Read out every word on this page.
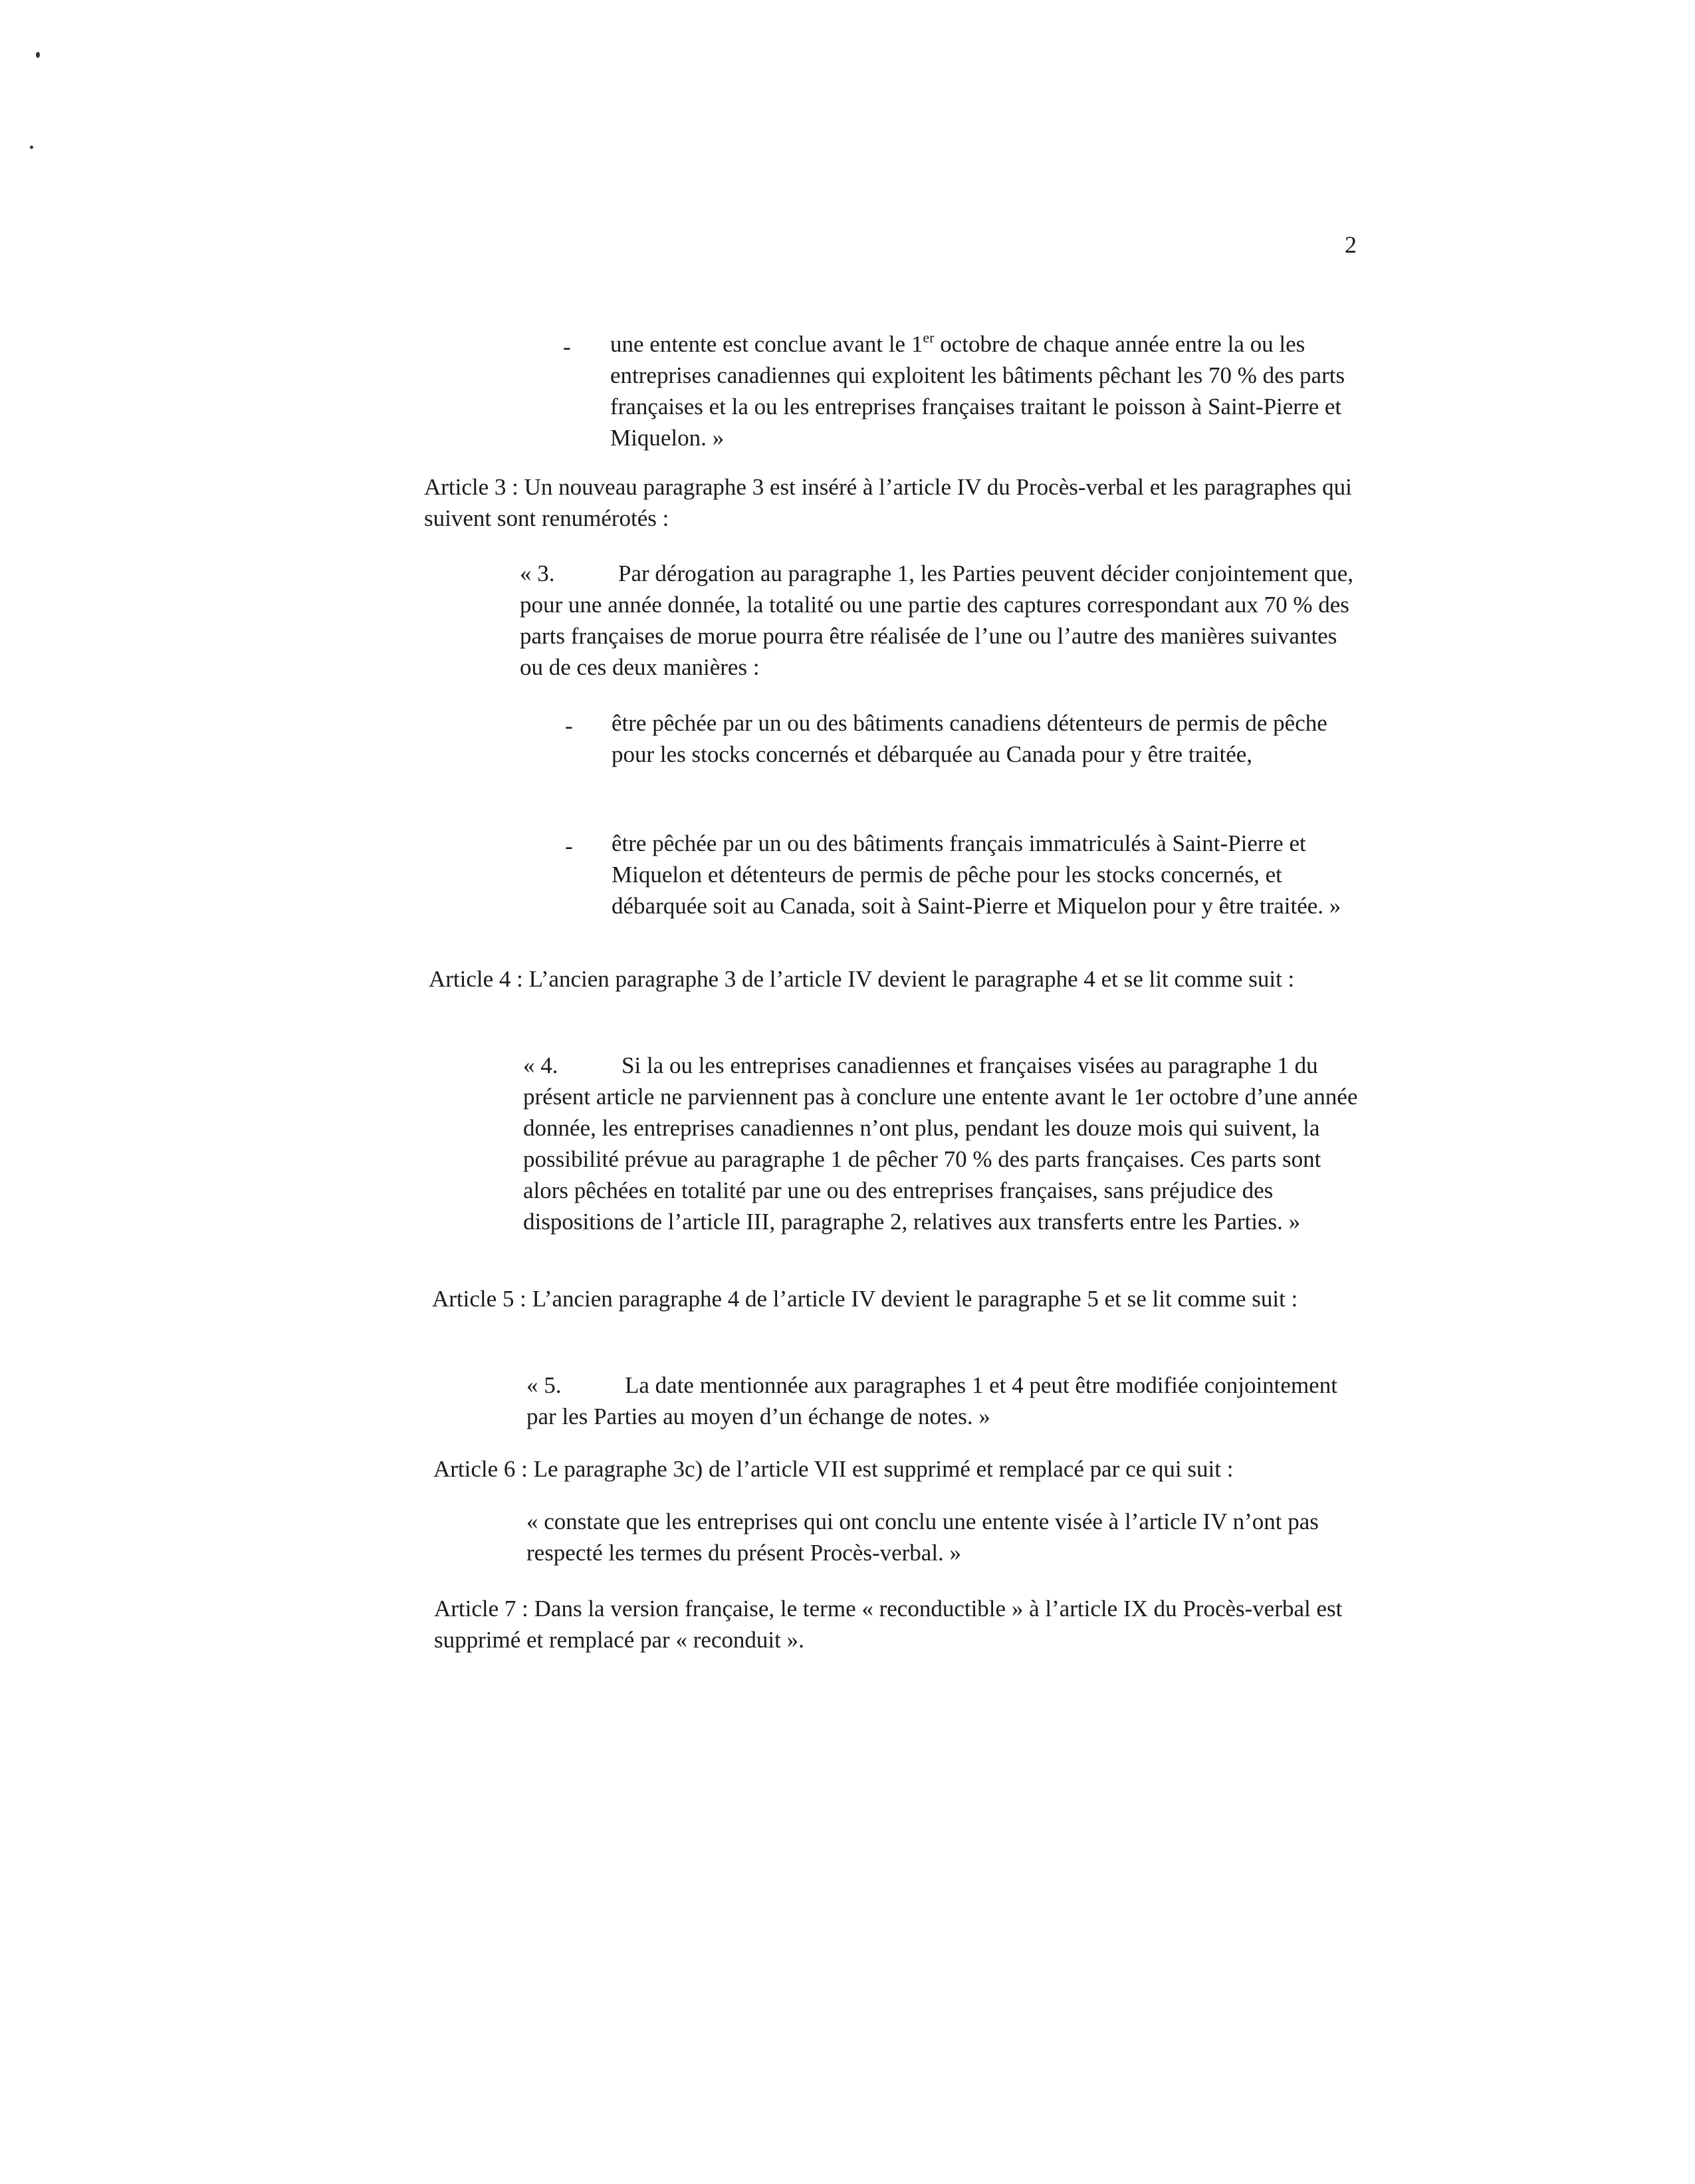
2
- une entente est conclue avant le 1er octobre de chaque année entre la ou les entreprises canadiennes qui exploitent les bâtiments pêchant les 70 % des parts françaises et la ou les entreprises françaises traitant le poisson à Saint-Pierre et Miquelon. »

Article 3 : Un nouveau paragraphe 3 est inséré à l’article IV du Procès-verbal et les paragraphes qui suivent sont renumérotés :

« 3.	Par dérogation au paragraphe 1, les Parties peuvent décider conjointement que, pour une année donnée, la totalité ou une partie des captures correspondant aux 70 % des parts françaises de morue pourra être réalisée de l’une ou l’autre des manières suivantes ou de ces deux manières :

- être pêchée par un ou des bâtiments canadiens détenteurs de permis de pêche pour les stocks concernés et débarquée au Canada pour y être traitée,

- être pêchée par un ou des bâtiments français immatriculés à Saint-Pierre et Miquelon et détenteurs de permis de pêche pour les stocks concernés, et débarquée soit au Canada, soit à Saint-Pierre et Miquelon pour y être traitée. »

Article 4 : L’ancien paragraphe 3 de l’article IV devient le paragraphe 4 et se lit comme suit :

« 4.	Si la ou les entreprises canadiennes et françaises visées au paragraphe 1 du présent article ne parviennent pas à conclure une entente avant le 1er octobre d’une année donnée, les entreprises canadiennes n’ont plus, pendant les douze mois qui suivent, la possibilité prévue au paragraphe 1 de pêcher 70 % des parts françaises. Ces parts sont alors pêchées en totalité par une ou des entreprises françaises, sans préjudice des dispositions de l’article III, paragraphe 2, relatives aux transferts entre les Parties. »

Article 5 : L’ancien paragraphe 4 de l’article IV devient le paragraphe 5 et se lit comme suit :

« 5.	La date mentionnée aux paragraphes 1 et 4 peut être modifiée conjointement par les Parties au moyen d’un échange de notes. »

Article 6 : Le paragraphe 3c) de l’article VII est supprimé et remplacé par ce qui suit :

« constate que les entreprises qui ont conclu une entente visée à l’article IV n’ont pas respecté les termes du présent Procès-verbal. »

Article 7 : Dans la version française, le terme « reconductible » à l’article IX du Procès-verbal est supprimé et remplacé par « reconduit ».
